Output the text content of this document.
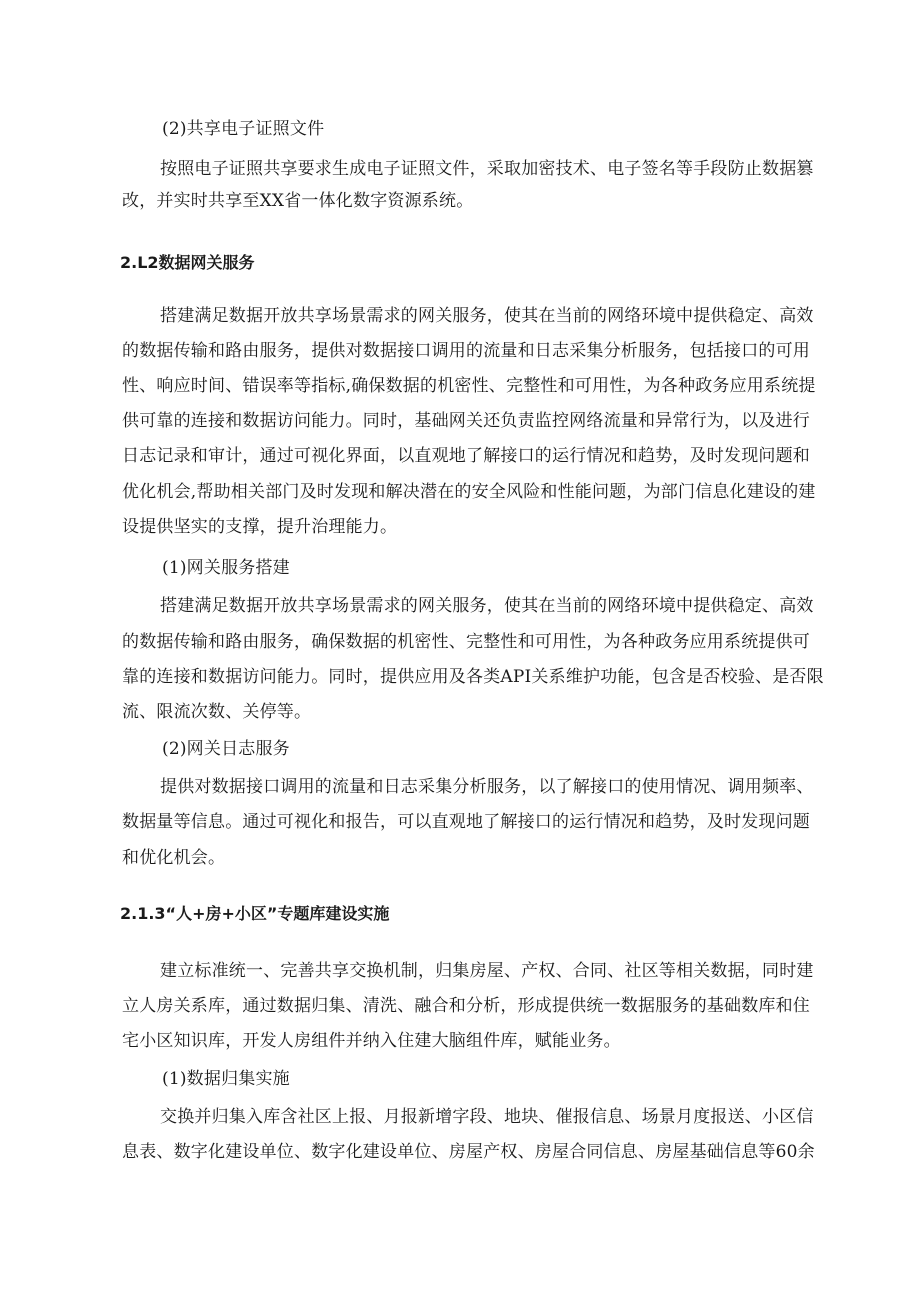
(2)共享电子证照文件
按照电子证照共享要求生成电子证照文件，采取加密技术、电子签名等手段防止数据篡
改，并实时共享至XX省一体化数字资源系统。
2.L2数据网关服务
搭建满足数据开放共享场景需求的网关服务，使其在当前的网络环境中提供稳定、高效
的数据传输和路由服务，提供对数据接口调用的流量和日志采集分析服务，包括接口的可用
性、响应时间、错误率等指标,确保数据的机密性、完整性和可用性，为各种政务应用系统提
供可靠的连接和数据访问能力。同时，基础网关还负责监控网络流量和异常行为，以及进行
日志记录和审计，通过可视化界面，以直观地了解接口的运行情况和趋势，及时发现问题和
优化机会,帮助相关部门及时发现和解决潜在的安全风险和性能问题，为部门信息化建设的建
设提供坚实的支撑，提升治理能力。
(1)网关服务搭建
搭建满足数据开放共享场景需求的网关服务，使其在当前的网络环境中提供稳定、高效
的数据传输和路由服务，确保数据的机密性、完整性和可用性，为各种政务应用系统提供可
靠的连接和数据访问能力。同时，提供应用及各类API关系维护功能，包含是否校验、是否限
流、限流次数、关停等。
(2)网关日志服务
提供对数据接口调用的流量和日志采集分析服务，以了解接口的使用情况、调用频率、
数据量等信息。通过可视化和报告，可以直观地了解接口的运行情况和趋势，及时发现问题
和优化机会。
2.1.3“人+房+小区”专题库建设实施
建立标准统一、完善共享交换机制，归集房屋、产权、合同、社区等相关数据，同时建
立人房关系库，通过数据归集、清洗、融合和分析，形成提供统一数据服务的基础数库和住
宅小区知识库，开发人房组件并纳入住建大脑组件库，赋能业务。
(1)数据归集实施
交换并归集入库含社区上报、月报新增字段、地块、催报信息、场景月度报送、小区信
息表、数字化建设单位、数字化建设单位、房屋产权、房屋合同信息、房屋基础信息等60余
